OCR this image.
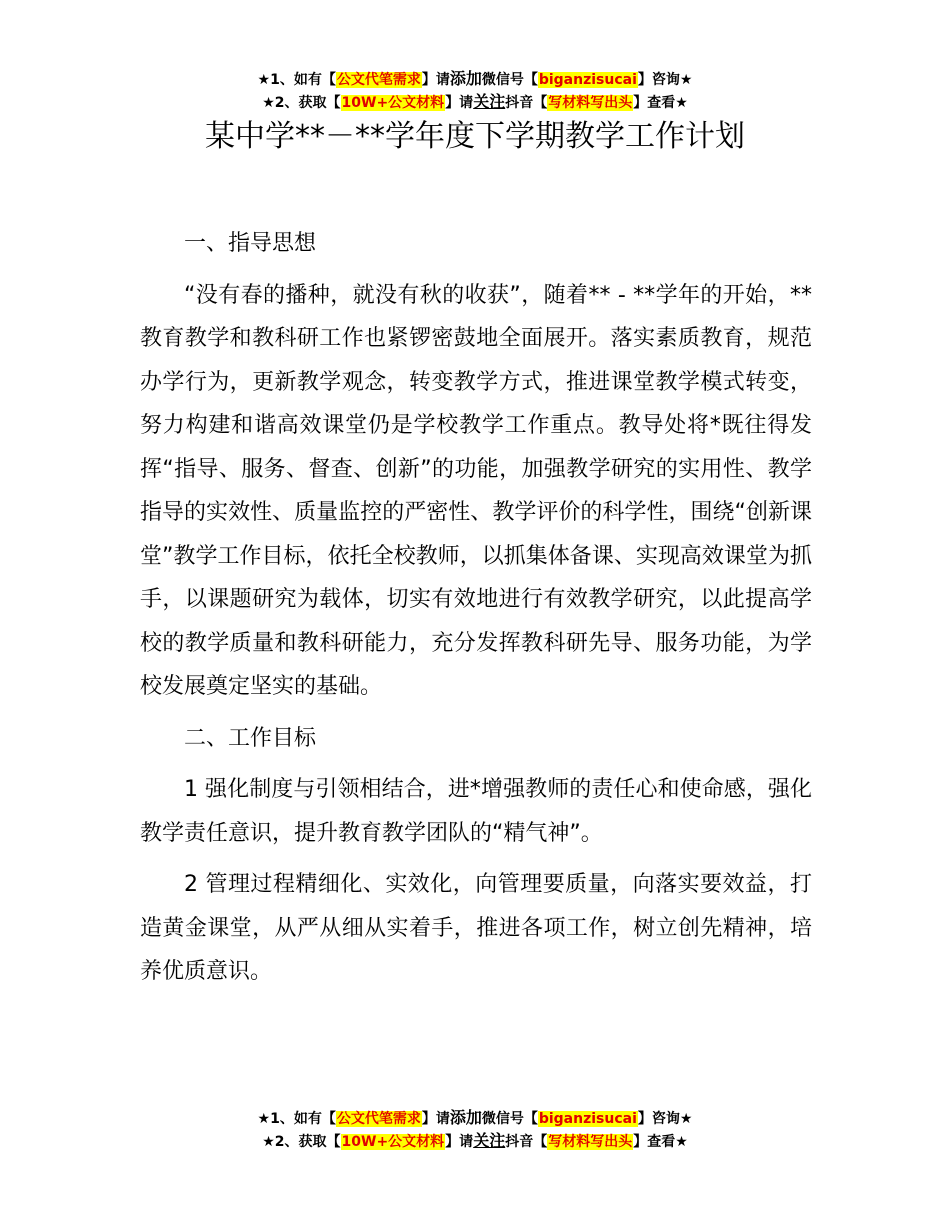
★1、如有【公文代笔需求】请添加微信号【biganzisucai】咨询★
★2、获取【10W+公文材料】请关注抖音【写材料写出头】查看★
某中学**－**学年度下学期教学工作计划

一、指导思想

“没有春的播种，就没有秋的收获”，随着** - **学年的开始，**教育教学和教科研工作也紧锣密鼓地全面展开。落实素质教育，规范办学行为，更新教学观念，转变教学方式，推进课堂教学模式转变，努力构建和谐高效课堂仍是学校教学工作重点。教导处将*既往得发挥“指导、服务、督查、创新”的功能，加强教学研究的实用性、教学指导的实效性、质量监控的严密性、教学评价的科学性，围绕“创新课堂”教学工作目标，依托全校教师，以抓集体备课、实现高效课堂为抓手，以课题研究为载体，切实有效地进行有效教学研究，以此提高学校的教学质量和教科研能力，充分发挥教科研先导、服务功能，为学校发展奠定坚实的基础。

二、工作目标

1 强化制度与引领相结合，进*增强教师的责任心和使命感，强化教学责任意识，提升教育教学团队的“精气神”。

2 管理过程精细化、实效化，向管理要质量，向落实要效益，打造黄金课堂，从严从细从实着手，推进各项工作，树立创先精神，培养优质意识。

★1、如有【公文代笔需求】请添加微信号【biganzisucai】咨询★
★2、获取【10W+公文材料】请关注抖音【写材料写出头】查看★
